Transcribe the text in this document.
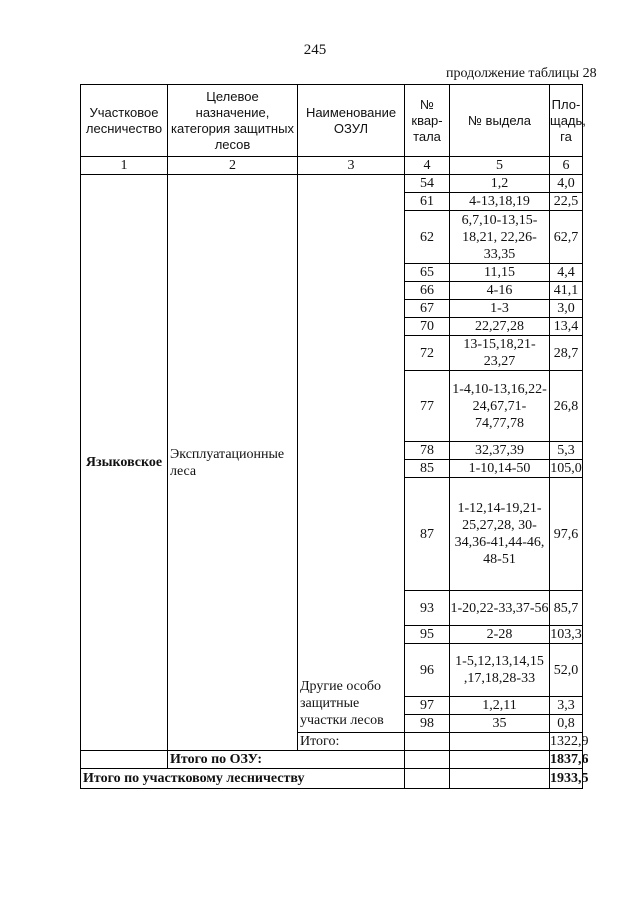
245
продолжение таблицы 28
Участковое лесничество	Целевое назначение, категория защитных лесов	Наименование ОЗУЛ	№ квар-тала	№ выдела	Пло-щадь, га
1	2	3	4	5	6
Языковское	Эксплуатационные леса	Другие особо защитные участки лесов	54	1,2	4,0
			61	4-13,18,19	22,5
			62	6,7,10-13,15-18,21, 22,26-33,35	62,7
			65	11,15	4,4
			66	4-16	41,1
			67	1-3	3,0
			70	22,27,28	13,4
			72	13-15,18,21-23,27	28,7
			77	1-4,10-13,16,22-24,67,71-74,77,78	26,8
			78	32,37,39	5,3
			85	1-10,14-50	105,0
			87	1-12,14-19,21-25,27,28, 30-34,36-41,44-46, 48-51	97,6
			93	1-20,22-33,37-56	85,7
			95	2-28	103,3
			96	1-5,12,13,14,15 ,17,18,28-33	52,0
			97	1,2,11	3,3
			98	35	0,8
		Итого:			1322,9
	Итого по ОЗУ:				1837,6
Итого по участковому лесничеству					1933,5
